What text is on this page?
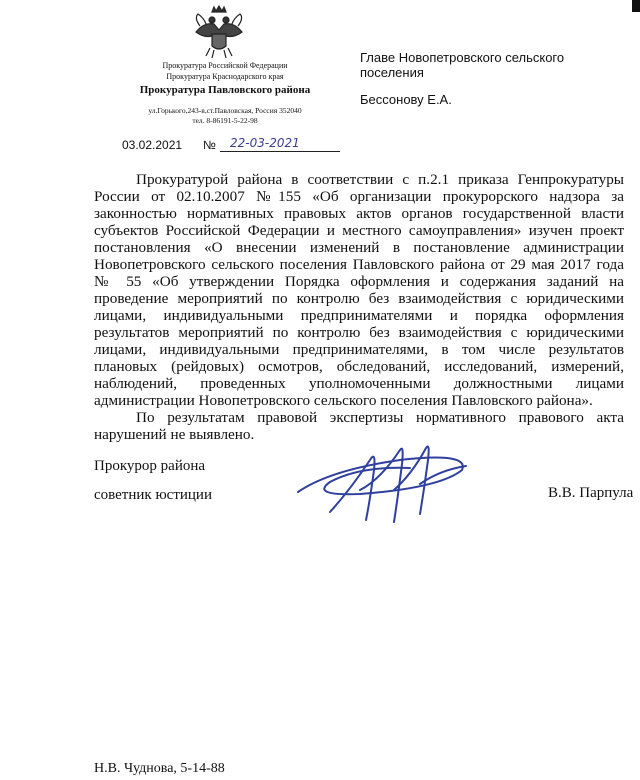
Прокуратура Российской Федерации
Прокуратура Краснодарского края
Прокуратура Павловского района
ул.Горького,243-в,ст.Павловская, Россия 352040
тел. 8-86191-5-22-98
Главе Новопетровского сельского
поселения
Бессонову Е.А.
03.02.2021 № 22-03-2021

Прокуратурой района в соответствии с п.2.1 приказа Генпрокуратуры России от 02.10.2007 №155 «Об организации прокурорского надзора за законностью нормативных правовых актов органов государственной власти субъектов Российской Федерации и местного самоуправления» изучен проект постановления «О внесении изменений в постановление администрации Новопетровского сельского поселения Павловского района от 29 мая 2017 года № 55 «Об утверждении Порядка оформления и содержания заданий на проведение мероприятий по контролю без взаимодействия с юридическими лицами, индивидуальными предпринимателями и порядка оформления результатов мероприятий по контролю без взаимодействия с юридическими лицами, индивидуальными предпринимателями, в том числе результатов плановых (рейдовых) осмотров, обследований, исследований, измерений, наблюдений, проведенных уполномоченными должностными лицами администрации Новопетровского сельского поселения Павловского района».

По результатам правовой экспертизы нормативного правового акта нарушений не выявлено.

Прокурор района
советник юстиции	В.В. Парпула
Н.В. Чуднова, 5-14-88
